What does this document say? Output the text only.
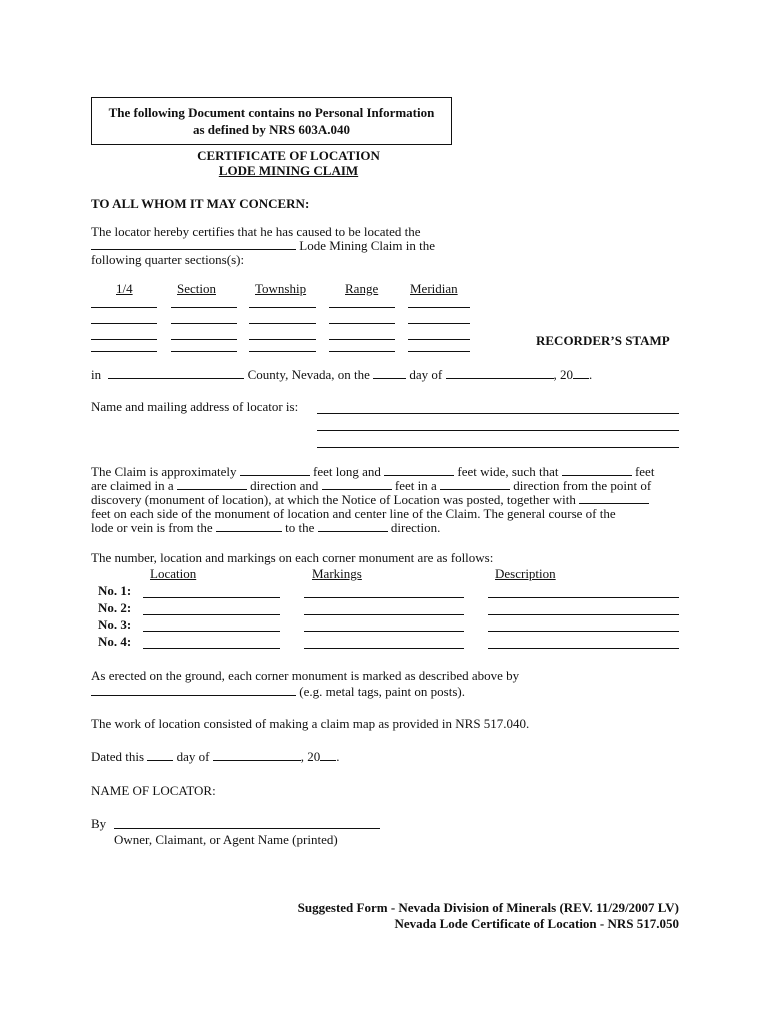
The following Document contains no Personal Information
as defined by NRS 603A.040
CERTIFICATE OF LOCATION
LODE MINING CLAIM
TO ALL WHOM IT MAY CONCERN:
The locator hereby certifies that he has caused to be located the
Lode Mining Claim in the
following quarter sections(s):
1/4	Section	Township	Range Meridian
RECORDER’S STAMP
in	County, Nevada, on the	day of	, 20 .
Name and mailing address of locator is:
The Claim is approximately	feet long and	feet wide, such that	feet
are claimed in a	direction and	feet in a	direction from the point of
discovery (monument of location), at which the Notice of Location was posted, together with
feet on each side of the monument of location and center line of the Claim. The general course of the
lode or vein is from the	to the	direction.
The number, location and markings on each corner monument are as follows:
Location	Markings	Description
No. 1:
No. 2:
No. 3:
No. 4:
As erected on the ground, each corner monument is marked as described above by
(e.g. metal tags, paint on posts).
The work of location consisted of making a claim map as provided in NRS 517.040.
Dated this	day of	, 20 .
NAME OF LOCATOR:
By
Owner, Claimant, or Agent Name (printed)
Suggested Form - Nevada Division of Minerals (REV. 11/29/2007 LV)
Nevada Lode Certificate of Location - NRS 517.050
